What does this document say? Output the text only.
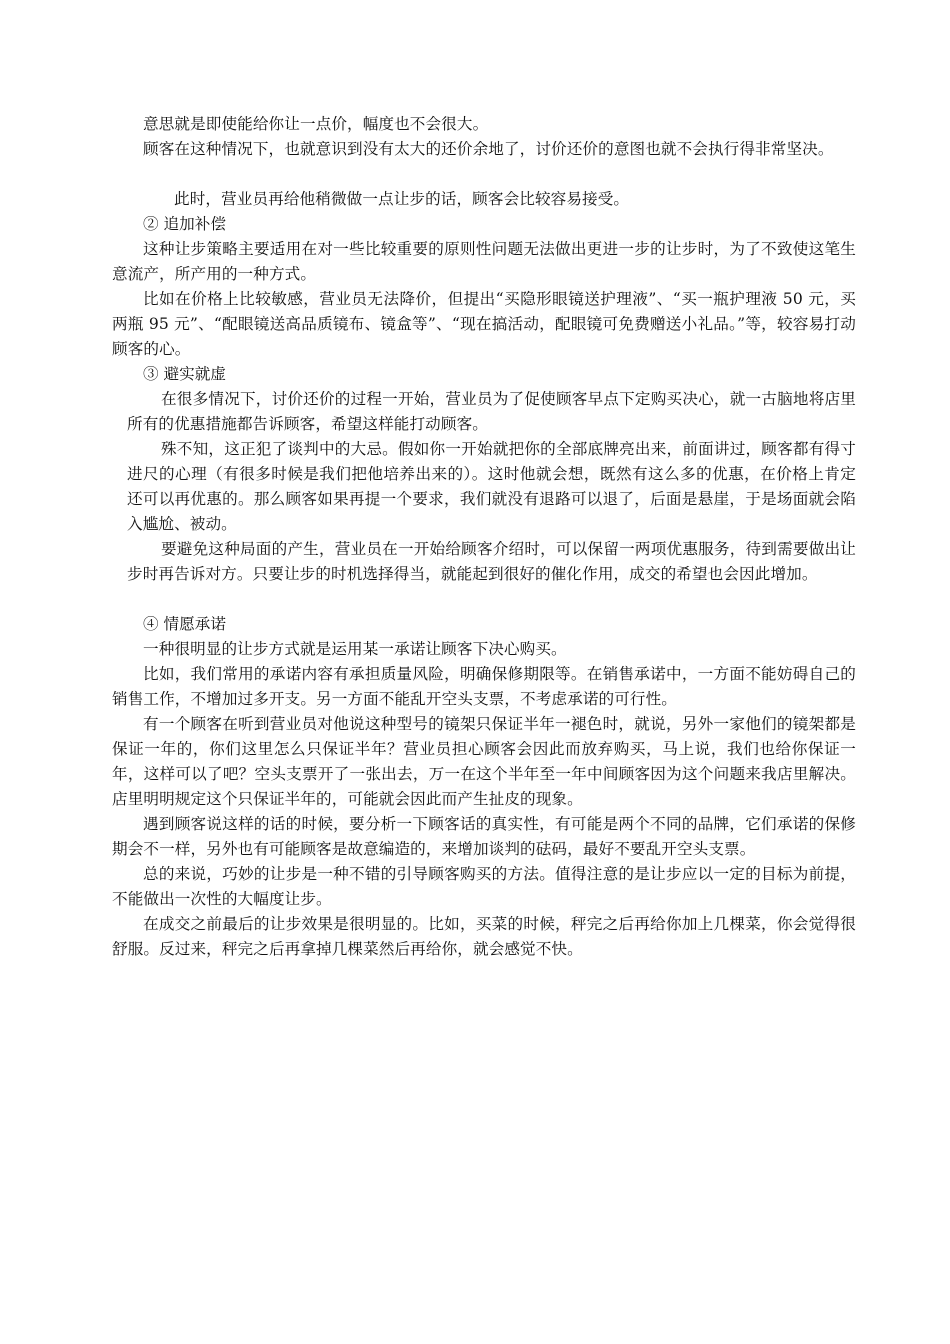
意思就是即使能给你让一点价，幅度也不会很大。
顾客在这种情况下，也就意识到没有太大的还价余地了，讨价还价的意图也就不会执行得非常坚决。
此时，营业员再给他稍微做一点让步的话，顾客会比较容易接受。
② 追加补偿
这种让步策略主要适用在对一些比较重要的原则性问题无法做出更进一步的让步时，为了不致使这笔生意流产，所产用的一种方式。
比如在价格上比较敏感，营业员无法降价，但提出“买隐形眼镜送护理液”、“买一瓶护理液 50 元，买两瓶 95 元”、“配眼镜送高品质镜布、镜盒等”、“现在搞活动，配眼镜可免费赠送小礼品。”等，较容易打动顾客的心。
③ 避实就虚
在很多情况下，讨价还价的过程一开始，营业员为了促使顾客早点下定购买决心，就一古脑地将店里所有的优惠措施都告诉顾客，希望这样能打动顾客。
殊不知，这正犯了谈判中的大忌。假如你一开始就把你的全部底牌亮出来，前面讲过，顾客都有得寸进尺的心理（有很多时候是我们把他培养出来的）。这时他就会想，既然有这么多的优惠，在价格上肯定还可以再优惠的。那么顾客如果再提一个要求，我们就没有退路可以退了，后面是悬崖，于是场面就会陷入尴尬、被动。
要避免这种局面的产生，营业员在一开始给顾客介绍时，可以保留一两项优惠服务，待到需要做出让步时再告诉对方。只要让步的时机选择得当，就能起到很好的催化作用，成交的希望也会因此增加。
④ 情愿承诺
一种很明显的让步方式就是运用某一承诺让顾客下决心购买。
比如，我们常用的承诺内容有承担质量风险，明确保修期限等。在销售承诺中，一方面不能妨碍自己的销售工作，不增加过多开支。另一方面不能乱开空头支票，不考虑承诺的可行性。
有一个顾客在听到营业员对他说这种型号的镜架只保证半年一褪色时，就说，另外一家他们的镜架都是保证一年的，你们这里怎么只保证半年？营业员担心顾客会因此而放弃购买，马上说，我们也给你保证一年，这样可以了吧？空头支票开了一张出去，万一在这个半年至一年中间顾客因为这个问题来我店里解决。店里明明规定这个只保证半年的，可能就会因此而产生扯皮的现象。
遇到顾客说这样的话的时候，要分析一下顾客话的真实性，有可能是两个不同的品牌，它们承诺的保修期会不一样，另外也有可能顾客是故意编造的，来增加谈判的砝码，最好不要乱开空头支票。
总的来说，巧妙的让步是一种不错的引导顾客购买的方法。值得注意的是让步应以一定的目标为前提，不能做出一次性的大幅度让步。
在成交之前最后的让步效果是很明显的。比如，买菜的时候，秤完之后再给你加上几棵菜，你会觉得很舒服。反过来，秤完之后再拿掉几棵菜然后再给你，就会感觉不快。
